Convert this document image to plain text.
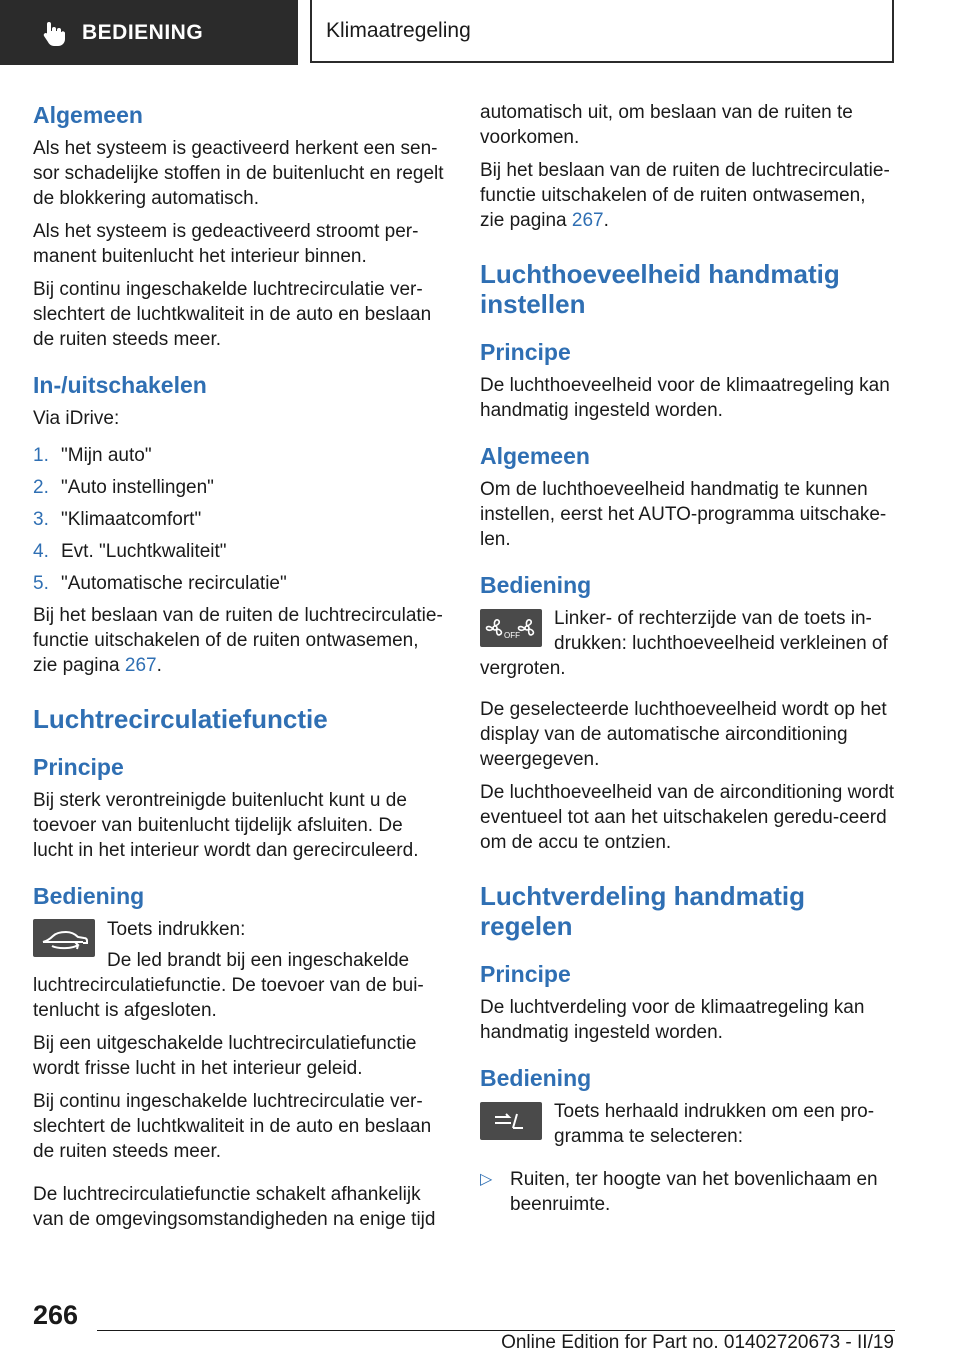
BEDIENING	Klimaatregeling
Algemeen

Als het systeem is geactiveerd herkent een sen-sor schadelijke stoffen in de buitenlucht en regelt de blokkering automatisch.

Als het systeem is gedeactiveerd stroomt per-manent buitenlucht het interieur binnen.

Bij continu ingeschakelde luchtrecirculatie ver-slechtert de luchtkwaliteit in de auto en beslaan de ruiten steeds meer.

In-/uitschakelen

Via iDrive:

1. "Mijn auto"
2. "Auto instellingen"
3. "Klimaatcomfort"
4. Evt. "Luchtkwaliteit"
5. "Automatische recirculatie"

Bij het beslaan van de ruiten de luchtrecirculatie-functie uitschakelen of de ruiten ontwasemen, zie pagina 267.

Luchtrecirculatiefunctie
Principe

Bij sterk verontreinigde buitenlucht kunt u de toevoer van buitenlucht tijdelijk afsluiten. De lucht in het interieur wordt dan gerecirculeerd.

Bediening

Toets indrukken:

De led brandt bij een ingeschakelde luchtrecirculatiefunctie. De toevoer van de bui-tenlucht is afgesloten.

Bij een uitgeschakelde luchtrecirculatiefunctie wordt frisse lucht in het interieur geleid.

Bij continu ingeschakelde luchtrecirculatie ver-slechtert de luchtkwaliteit in de auto en beslaan de ruiten steeds meer.

De luchtrecirculatiefunctie schakelt afhankelijk van de omgevingsomstandigheden na enige tijd

automatisch uit, om beslaan van de ruiten te voorkomen.

Bij het beslaan van de ruiten de luchtrecirculatie-functie uitschakelen of de ruiten ontwasemen, zie pagina 267.

Luchthoeveelheid handmatig instellen
Principe

De luchthoeveelheid voor de klimaatregeling kan handmatig ingesteld worden.

Algemeen

Om de luchthoeveelheid handmatig te kunnen instellen, eerst het AUTO-programma uitschake-len.

Bediening
OFF

Linker- of rechterzijde van de toets in-drukken: luchthoeveelheid verkleinen of vergroten.

De geselecteerde luchthoeveelheid wordt op het display van de automatische airconditioning weergegeven.

De luchthoeveelheid van de airconditioning wordt eventueel tot aan het uitschakelen geredu-ceerd om de accu te ontzien.

Luchtverdeling handmatig regelen
Principe

De luchtverdeling voor de klimaatregeling kan handmatig ingesteld worden.

Bediening

Toets herhaald indrukken om een pro-gramma te selecteren:

▷ Ruiten, ter hoogte van het bovenlichaam en beenruimte.
266
Online Edition for Part no. 01402720673 - II/19
